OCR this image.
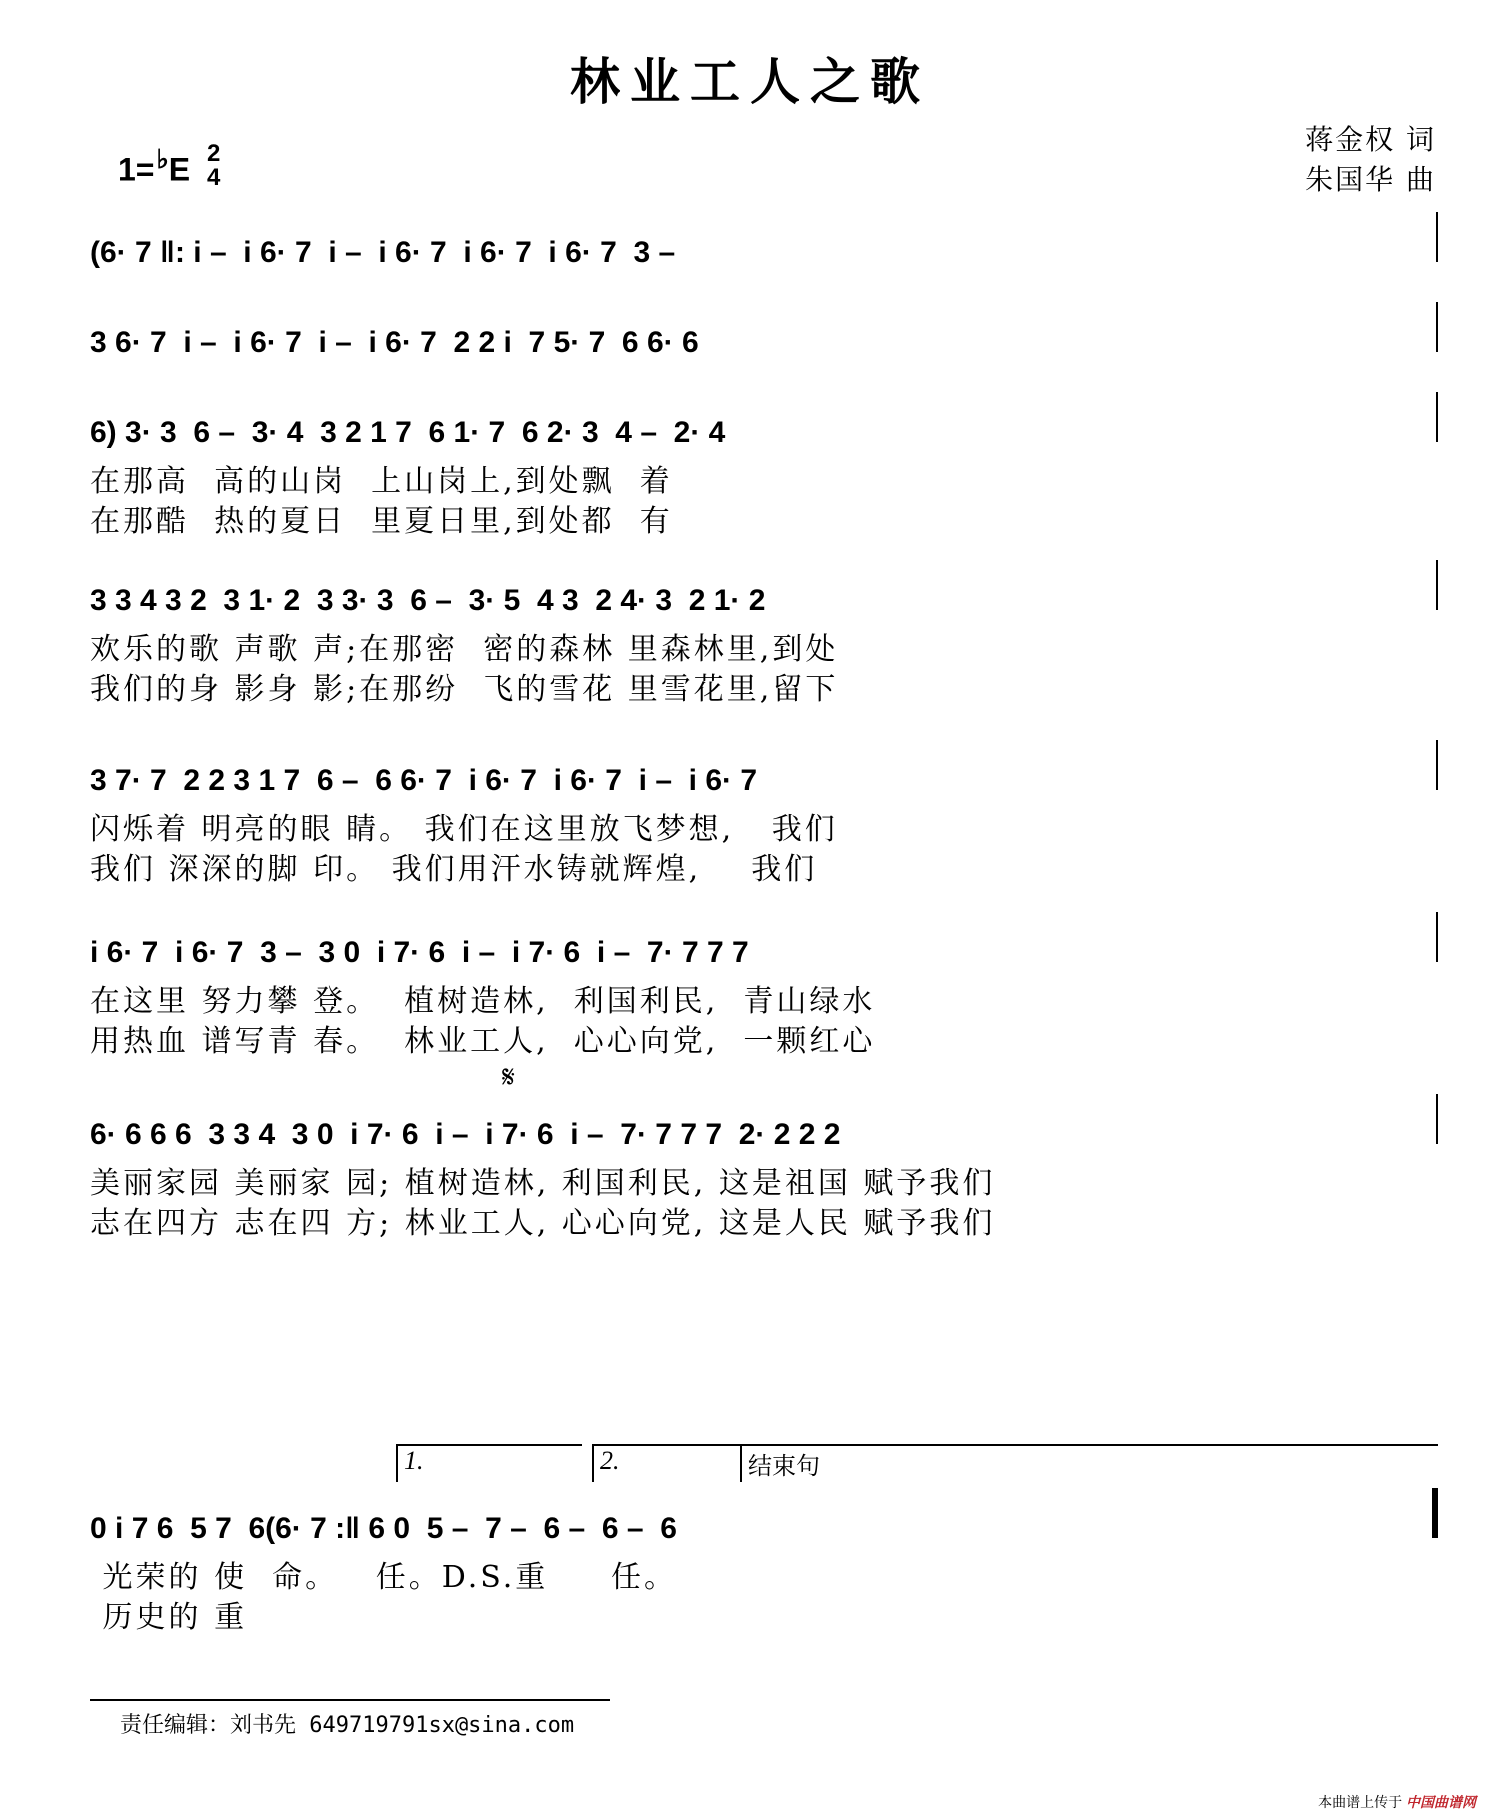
林业工人之歌
1=♭E 2
4
蒋金权 词
朱国华 曲
(6· 7 ‖: i –  i 6· 7  i –  i 6· 7  i 6· 7  i 6· 7  3 –
3 6· 7  i –  i 6· 7  i –  i 6· 7  2 2 i  7 5· 7  6 6· 6
6) 3· 3  6 –  3· 4  3 2 1 7  6 1· 7  6 2· 3  4 –  2· 4
在那高  高的山岗  上山岗上,到处飘  着
在那酷  热的夏日  里夏日里,到处都  有
3 3 4 3 2  3 1· 2  3 3· 3  6 –  3· 5  4 3  2 4· 3  2 1· 2
欢乐的歌 声歌 声;在那密  密的森林 里森林里,到处
我们的身 影身 影;在那纷  飞的雪花 里雪花里,留下
3 7· 7  2 2 3 1 7  6 –  6 6· 7  i 6· 7  i 6· 7  i –  i 6· 7
闪烁着 明亮的眼 睛。 我们在这里放飞梦想,   我们
我们 深深的脚 印。 我们用汗水铸就辉煌,    我们
i 6· 7  i 6· 7  3 –  3 0  i 7· 6  i –  i 7· 6  i –  7· 7 7 7
在这里 努力攀 登。  植树造林,  利国利民,  青山绿水
用热血 谱写青 春。  林业工人,  心心向党,  一颗红心
𝄋
6· 6 6 6  3 3 4  3 0  i 7· 6  i –  i 7· 6  i –  7· 7 7 7  2· 2 2 2
美丽家园 美丽家 园; 植树造林, 利国利民, 这是祖国 赋予我们
志在四方 志在四 方; 林业工人, 心心向党, 这是人民 赋予我们
1.	2.	结束句
0 i 7 6  5 7  6(6· 7 :‖ 6 0  5 –  7 –  6 –  6 –  6
光荣的 使  命。   任。D.S.重     任。
历史的 重
责任编辑：刘书先 649719791sx@sina.com
本曲谱上传于 中国曲谱网
